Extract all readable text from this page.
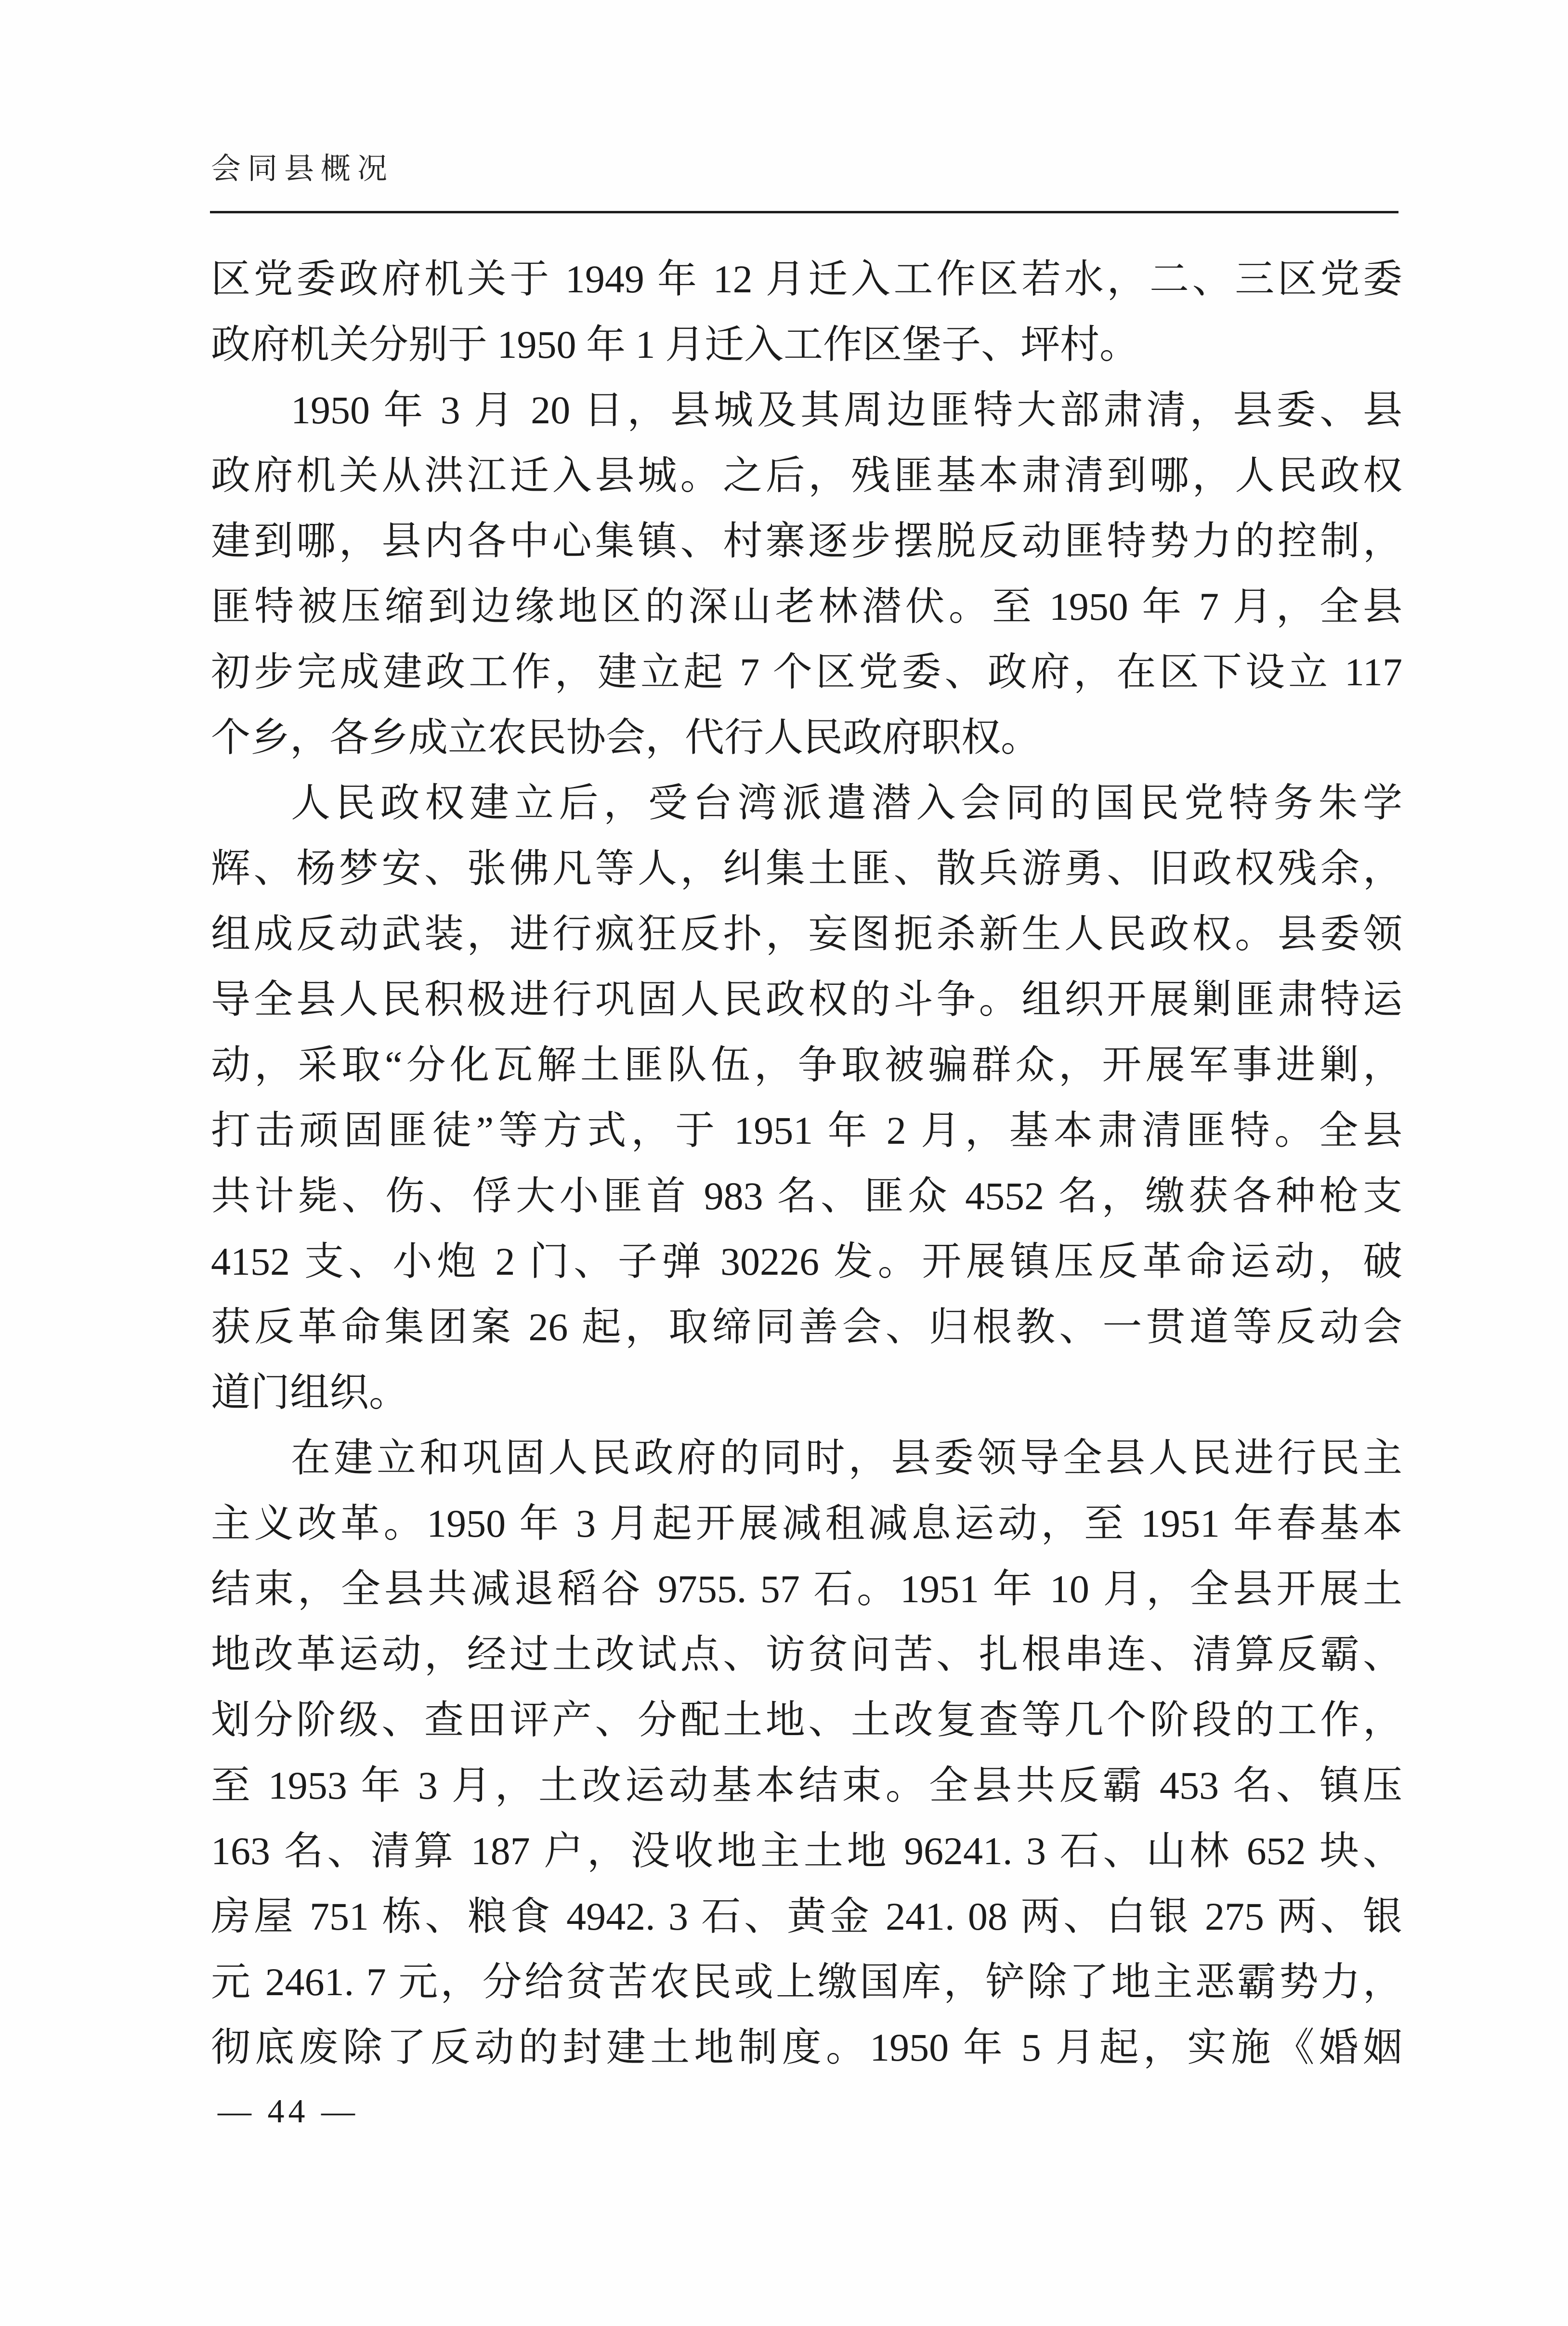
会同县概况
区党委政府机关于 1949 年 12 月迁入工作区若水，二、三区党委
政府机关分别于 1950 年 1 月迁入工作区堡子、坪村。
1950 年 3 月 20 日，县城及其周边匪特大部肃清，县委、县
政府机关从洪江迁入县城。之后，残匪基本肃清到哪，人民政权
建到哪，县内各中心集镇、村寨逐步摆脱反动匪特势力的控制，
匪特被压缩到边缘地区的深山老林潜伏。至 1950 年 7 月，全县
初步完成建政工作，建立起 7 个区党委、政府，在区下设立 117
个乡，各乡成立农民协会，代行人民政府职权。
人民政权建立后，受台湾派遣潜入会同的国民党特务朱学
辉、杨梦安、张佛凡等人，纠集土匪、散兵游勇、旧政权残余，
组成反动武装，进行疯狂反扑，妄图扼杀新生人民政权。县委领
导全县人民积极进行巩固人民政权的斗争。组织开展剿匪肃特运
动，采取“分化瓦解土匪队伍，争取被骗群众，开展军事进剿，
打击顽固匪徒”等方式，于 1951 年 2 月，基本肃清匪特。全县
共计毙、伤、俘大小匪首 983 名、匪众 4552 名，缴获各种枪支
4152 支、小炮 2 门、子弹 30226 发。开展镇压反革命运动，破
获反革命集团案 26 起，取缔同善会、归根教、一贯道等反动会
道门组织。
在建立和巩固人民政府的同时，县委领导全县人民进行民主
主义改革。1950 年 3 月起开展减租减息运动，至 1951 年春基本
结束，全县共减退稻谷 9755. 57 石。1951 年 10 月，全县开展土
地改革运动，经过土改试点、访贫问苦、扎根串连、清算反霸、
划分阶级、查田评产、分配土地、土改复查等几个阶段的工作，
至 1953 年 3 月，土改运动基本结束。全县共反霸 453 名、镇压
163 名、清算 187 户，没收地主土地 96241. 3 石、山林 652 块、
房屋 751 栋、粮食 4942. 3 石、黄金 241. 08 两、白银 275 两、银
元 2461. 7 元，分给贫苦农民或上缴国库，铲除了地主恶霸势力，
彻底废除了反动的封建土地制度。1950 年 5 月起，实施《婚姻
— 44 —
